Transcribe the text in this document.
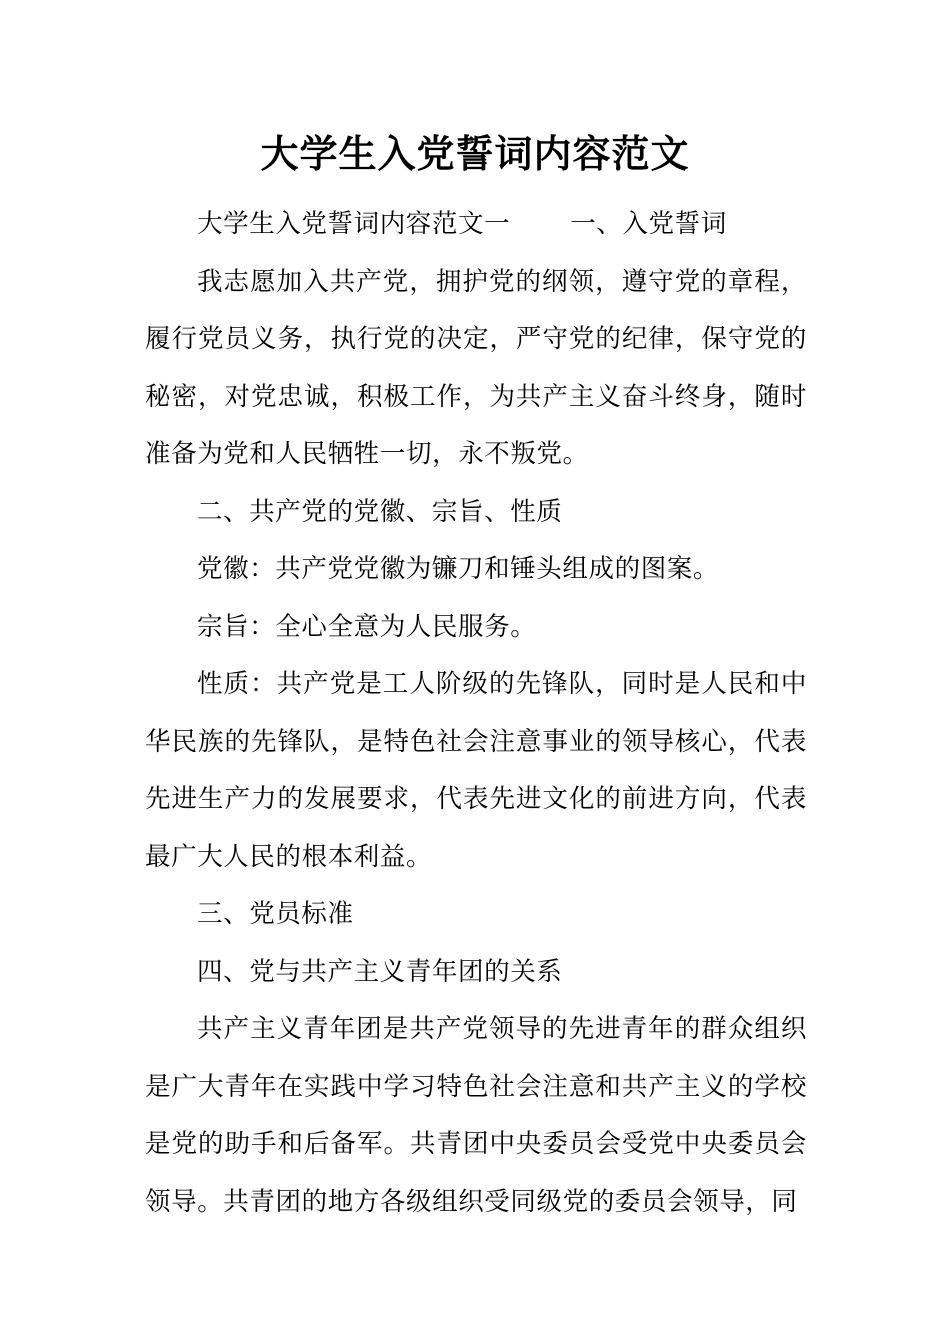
大学生入党誓词内容范文

大学生入党誓词内容范文一 一、入党誓词

我志愿加入共产党，拥护党的纲领，遵守党的章程，履行党员义务，执行党的决定，严守党的纪律，保守党的秘密，对党忠诚，积极工作，为共产主义奋斗终身，随时准备为党和人民牺牲一切，永不叛党。

二、共产党的党徽、宗旨、性质

党徽：共产党党徽为镰刀和锤头组成的图案。

宗旨：全心全意为人民服务。

性质：共产党是工人阶级的先锋队，同时是人民和中华民族的先锋队，是特色社会注意事业的领导核心，代表先进生产力的发展要求，代表先进文化的前进方向，代表最广大人民的根本利益。

三、党员标准

四、党与共产主义青年团的关系

共产主义青年团是共产党领导的先进青年的群众组织是广大青年在实践中学习特色社会注意和共产主义的学校是党的助手和后备军。共青团中央委员会受党中央委员会领导。共青团的地方各级组织受同级党的委员会领导，同
